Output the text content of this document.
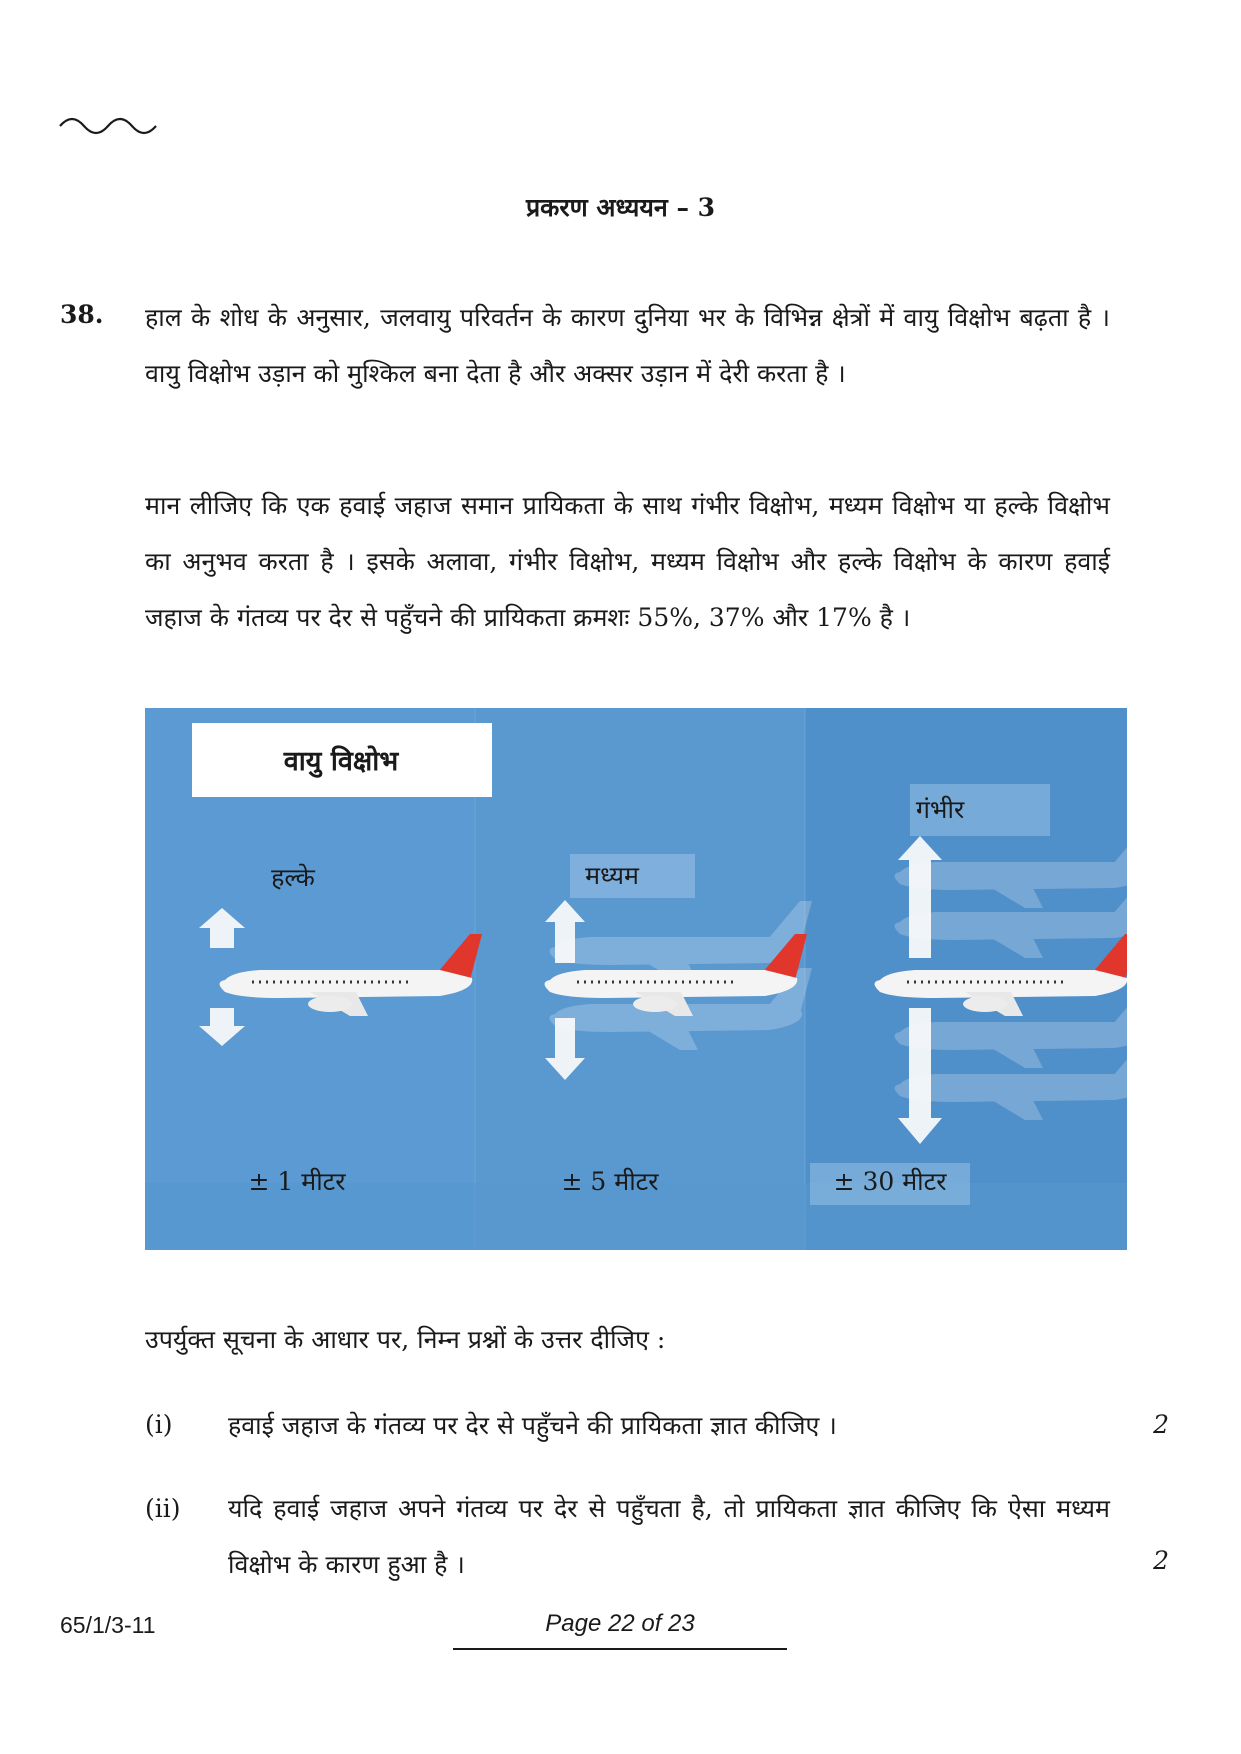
प्रकरण अध्ययन – 3
38. हाल के शोध के अनुसार, जलवायु परिवर्तन के कारण दुनिया भर के विभिन्न क्षेत्रों में वायु विक्षोभ बढ़ता है । वायु विक्षोभ उड़ान को मुश्किल बना देता है और अक्सर उड़ान में देरी करता है ।
मान लीजिए कि एक हवाई जहाज समान प्रायिकता के साथ गंभीर विक्षोभ, मध्यम विक्षोभ या हल्के विक्षोभ का अनुभव करता है । इसके अलावा, गंभीर विक्षोभ, मध्यम विक्षोभ और हल्के विक्षोभ के कारण हवाई जहाज के गंतव्य पर देर से पहुँचने की प्रायिकता क्रमशः 55%, 37% और 17% है ।
वायु विक्षोभ
हल्के
± 1 मीटर
मध्यम
± 5 मीटर
गंभीर
± 30 मीटर
उपर्युक्त सूचना के आधार पर, निम्न प्रश्नों के उत्तर दीजिए :
(i) हवाई जहाज के गंतव्य पर देर से पहुँचने की प्रायिकता ज्ञात कीजिए ।	2
(ii) यदि हवाई जहाज अपने गंतव्य पर देर से पहुँचता है, तो प्रायिकता ज्ञात कीजिए कि ऐसा मध्यम विक्षोभ के कारण हुआ है ।	2
65/1/3-11	Page 22 of 23
